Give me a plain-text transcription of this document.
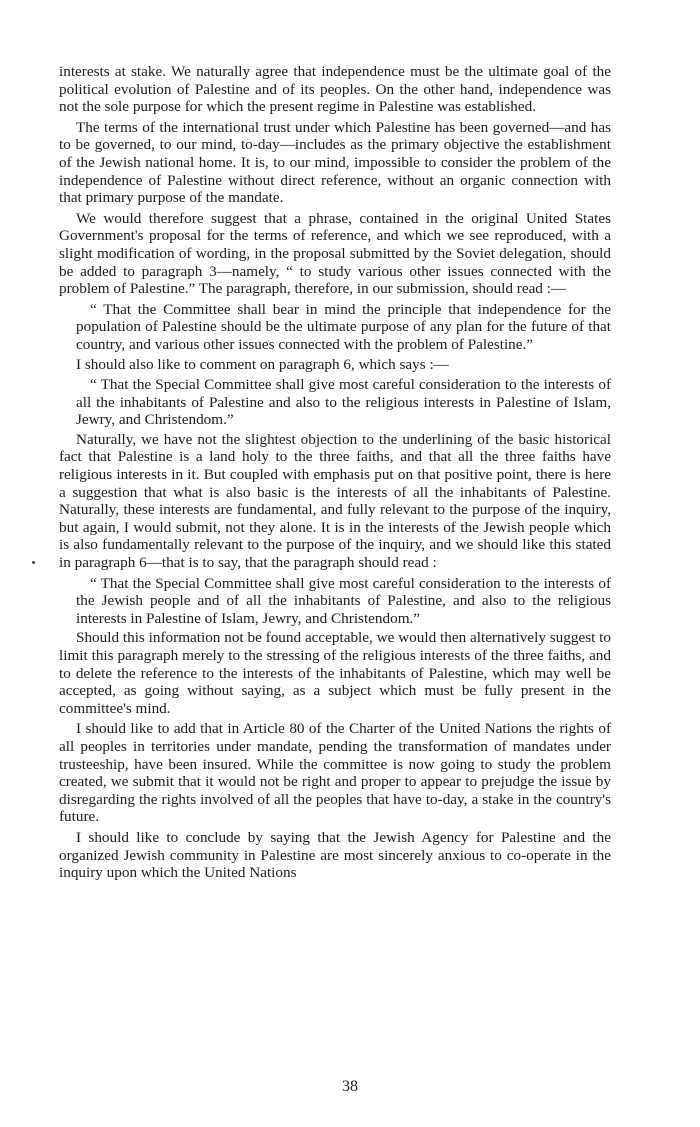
interests at stake. We naturally agree that independence must be the ultimate goal of the political evolution of Palestine and of its peoples. On the other hand, independence was not the sole purpose for which the present regime in Palestine was established.

The terms of the international trust under which Palestine has been governed—and has to be governed, to our mind, to-day—includes as the primary objective the establishment of the Jewish national home. It is, to our mind, impossible to consider the problem of the independence of Palestine without direct reference, without an organic connection with that primary purpose of the mandate.

We would therefore suggest that a phrase, contained in the original United States Government's proposal for the terms of reference, and which we see reproduced, with a slight modification of wording, in the proposal submitted by the Soviet delegation, should be added to paragraph 3—namely, “ to study various other issues connected with the problem of Palestine.” The paragraph, therefore, in our submission, should read :—

“ That the Committee shall bear in mind the principle that independence for the population of Palestine should be the ultimate purpose of any plan for the future of that country, and various other issues connected with the problem of Palestine.”

I should also like to comment on paragraph 6, which says :—

“ That the Special Committee shall give most careful consideration to the interests of all the inhabitants of Palestine and also to the religious interests in Palestine of Islam, Jewry, and Christendom.”

Naturally, we have not the slightest objection to the underlining of the basic historical fact that Palestine is a land holy to the three faiths, and that all the three faiths have religious interests in it. But coupled with emphasis put on that positive point, there is here a suggestion that what is also basic is the interests of all the inhabitants of Palestine. Naturally, these interests are fundamental, and fully relevant to the purpose of the inquiry, but again, I would submit, not they alone. It is in the interests of the Jewish people which is also fundamentally relevant to the purpose of the inquiry, and we should like this stated in paragraph 6—that is to say, that the paragraph should read :

“ That the Special Committee shall give most careful consideration to the interests of the Jewish people and of all the inhabitants of Palestine, and also to the religious interests in Palestine of Islam, Jewry, and Christendom.”

Should this information not be found acceptable, we would then alternatively suggest to limit this paragraph merely to the stressing of the religious interests of the three faiths, and to delete the reference to the interests of the inhabitants of Palestine, which may well be accepted, as going without saying, as a subject which must be fully present in the committee's mind.

I should like to add that in Article 80 of the Charter of the United Nations the rights of all peoples in territories under mandate, pending the transformation of mandates under trusteeship, have been insured. While the committee is now going to study the problem created, we submit that it would not be right and proper to appear to prejudge the issue by disregarding the rights involved of all the peoples that have to-day, a stake in the country's future.

I should like to conclude by saying that the Jewish Agency for Palestine and the organized Jewish community in Palestine are most sincerely anxious to co-operate in the inquiry upon which the United Nations

38
